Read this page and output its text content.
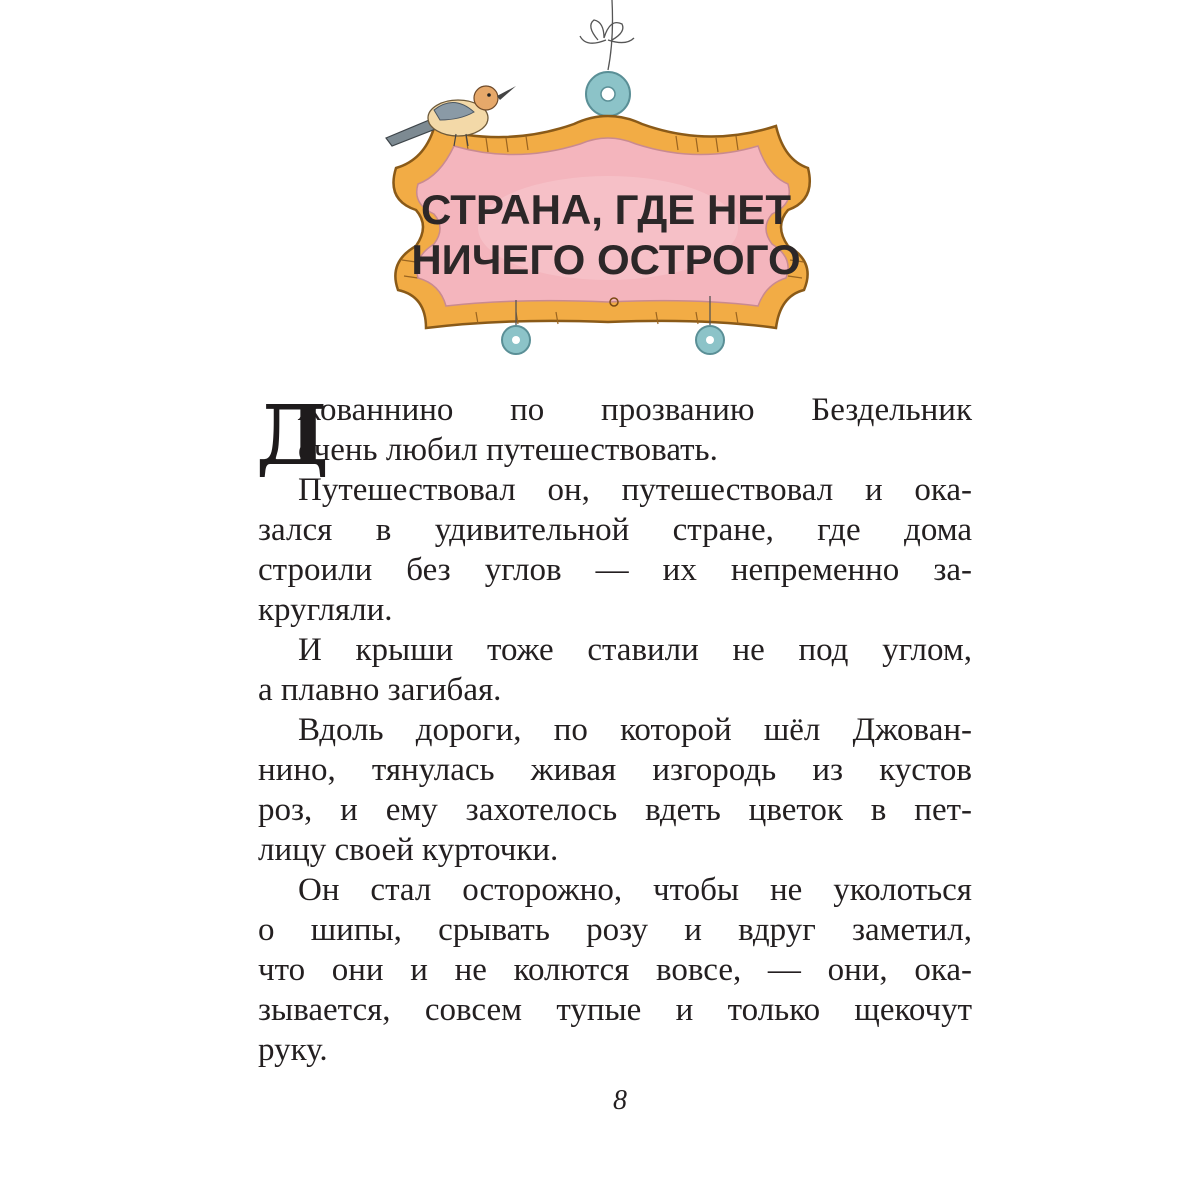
СТРАНА, ГДЕ НЕТ
НИЧЕГО ОСТРОГО
Д
жованнино по прозванию Бездельник
очень любил путешествовать.
Путешествовал он, путешествовал и ока-
зался в удивительной стране, где дома
строили без углов — их непременно за-
кругляли.
И крыши тоже ставили не под углом,
а плавно загибая.
Вдоль дороги, по которой шёл Джован-
нино, тянулась живая изгородь из кустов
роз, и ему захотелось вдеть цветок в пет-
лицу своей курточки.
Он стал осторожно, чтобы не уколоться
о шипы, срывать розу и вдруг заметил,
что они и не колются вовсе, — они, ока-
зывается, совсем тупые и только щекочут
руку.
8
